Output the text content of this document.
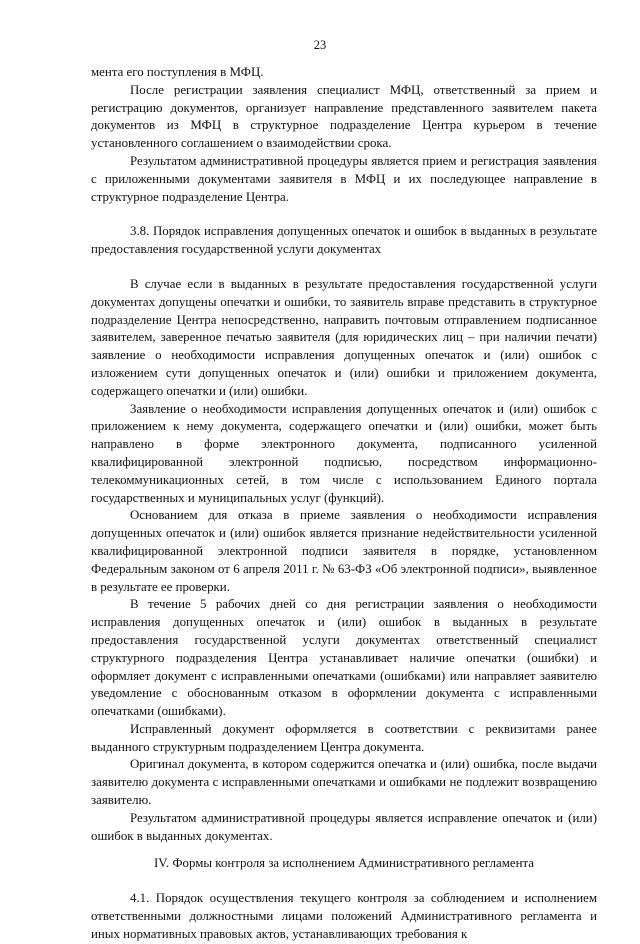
23

мента его поступления в МФЦ.

После регистрации заявления специалист МФЦ, ответственный за прием и регистрацию документов, организует направление представленного заявителем пакета документов из МФЦ в структурное подразделение Центра курьером в течение установленного соглашением о взаимодействии срока.

Результатом административной процедуры является прием и регистрация заявления с приложенными документами заявителя в МФЦ и их последующее направление в структурное подразделение Центра.

3.8. Порядок исправления допущенных опечаток и ошибок в выданных в результате предоставления государственной услуги документах

В случае если в выданных в результате предоставления государственной услуги документах допущены опечатки и ошибки, то заявитель вправе представить в структурное подразделение Центра непосредственно, направить почтовым отправлением подписанное заявителем, заверенное печатью заявителя (для юридических лиц – при наличии печати) заявление о необходимости исправления допущенных опечаток и (или) ошибок с изложением сути допущенных опечаток и (или) ошибки и приложением документа, содержащего опечатки и (или) ошибки.

Заявление о необходимости исправления допущенных опечаток и (или) ошибок с приложением к нему документа, содержащего опечатки и (или) ошибки, может быть направлено в форме электронного документа, подписанного усиленной квалифицированной электронной подписью, посредством информационно-телекоммуникационных сетей, в том числе с использованием Единого портала государственных и муниципальных услуг (функций).

Основанием для отказа в приеме заявления о необходимости исправления допущенных опечаток и (или) ошибок является признание недействительности усиленной квалифицированной электронной подписи заявителя в порядке, установленном Федеральным законом от 6 апреля 2011 г. № 63-ФЗ «Об электронной подписи», выявленное в результате ее проверки.

В течение 5 рабочих дней со дня регистрации заявления о необходимости исправления допущенных опечаток и (или) ошибок в выданных в результате предоставления государственной услуги документах ответственный специалист структурного подразделения Центра устанавливает наличие опечатки (ошибки) и оформляет документ с исправленными опечатками (ошибками) или направляет заявителю уведомление с обоснованным отказом в оформлении документа с исправленными опечатками (ошибками).

Исправленный документ оформляется в соответствии с реквизитами ранее выданного структурным подразделением Центра документа.

Оригинал документа, в котором содержится опечатка и (или) ошибка, после выдачи заявителю документа с исправленными опечатками и ошибками не подлежит возвращению заявителю.

Результатом административной процедуры является исправление опечаток и (или) ошибок в выданных документах.

IV. Формы контроля за исполнением Административного регламента

4.1. Порядок осуществления текущего контроля за соблюдением и исполнением ответственными должностными лицами положений Административного регламента и иных нормативных правовых актов, устанавливающих требования к
